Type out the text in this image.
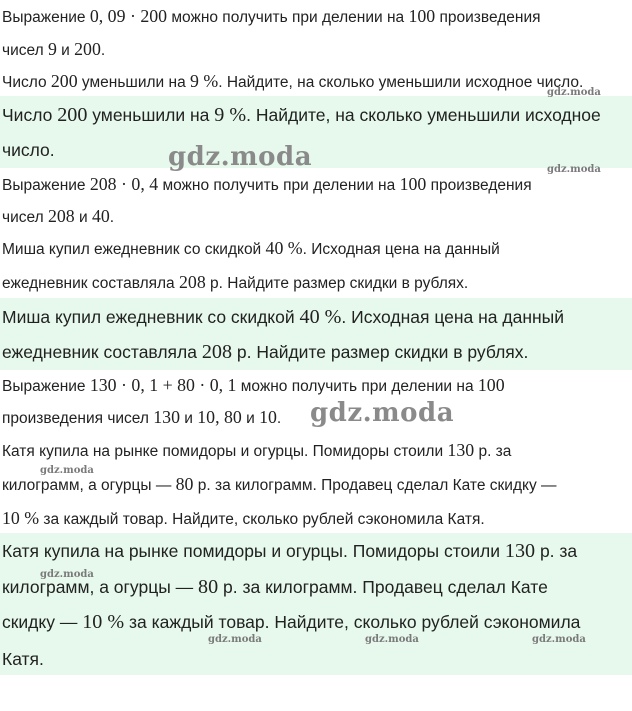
Выражение 0, 09 · 200 можно получить при делении на 100 произведения
чисел 9 и 200.
Число 200 уменьшили на 9 %. Найдите, на сколько уменьшили исходное число.
Число 200 уменьшили на 9 %. Найдите, на сколько уменьшили исходное
число.
Выражение 208 · 0, 4 можно получить при делении на 100 произведения
чисел 208 и 40.
Миша купил ежедневник со скидкой 40 %. Исходная цена на данный
ежедневник составляла 208 р. Найдите размер скидки в рублях.
Миша купил ежедневник со скидкой 40 %. Исходная цена на данный
ежедневник составляла 208 р. Найдите размер скидки в рублях.
Выражение 130 · 0, 1 + 80 · 0, 1 можно получить при делении на 100
произведения чисел 130 и 10, 80 и 10.
Катя купила на рынке помидоры и огурцы. Помидоры стоили 130 р. за
килограмм, а огурцы — 80 р. за килограмм. Продавец сделал Кате скидку —
10 % за каждый товар. Найдите, сколько рублей сэкономила Катя.
Катя купила на рынке помидоры и огурцы. Помидоры стоили 130 р. за
килограмм, а огурцы — 80 р. за килограмм. Продавец сделал Кате
скидку — 10 % за каждый товар. Найдите, сколько рублей сэкономила
Катя.
gdz.moda
gdz.moda	gdz.moda
gdz.moda
gdz.moda
gdz.moda
gdz.moda	gdz.moda	gdz.moda
